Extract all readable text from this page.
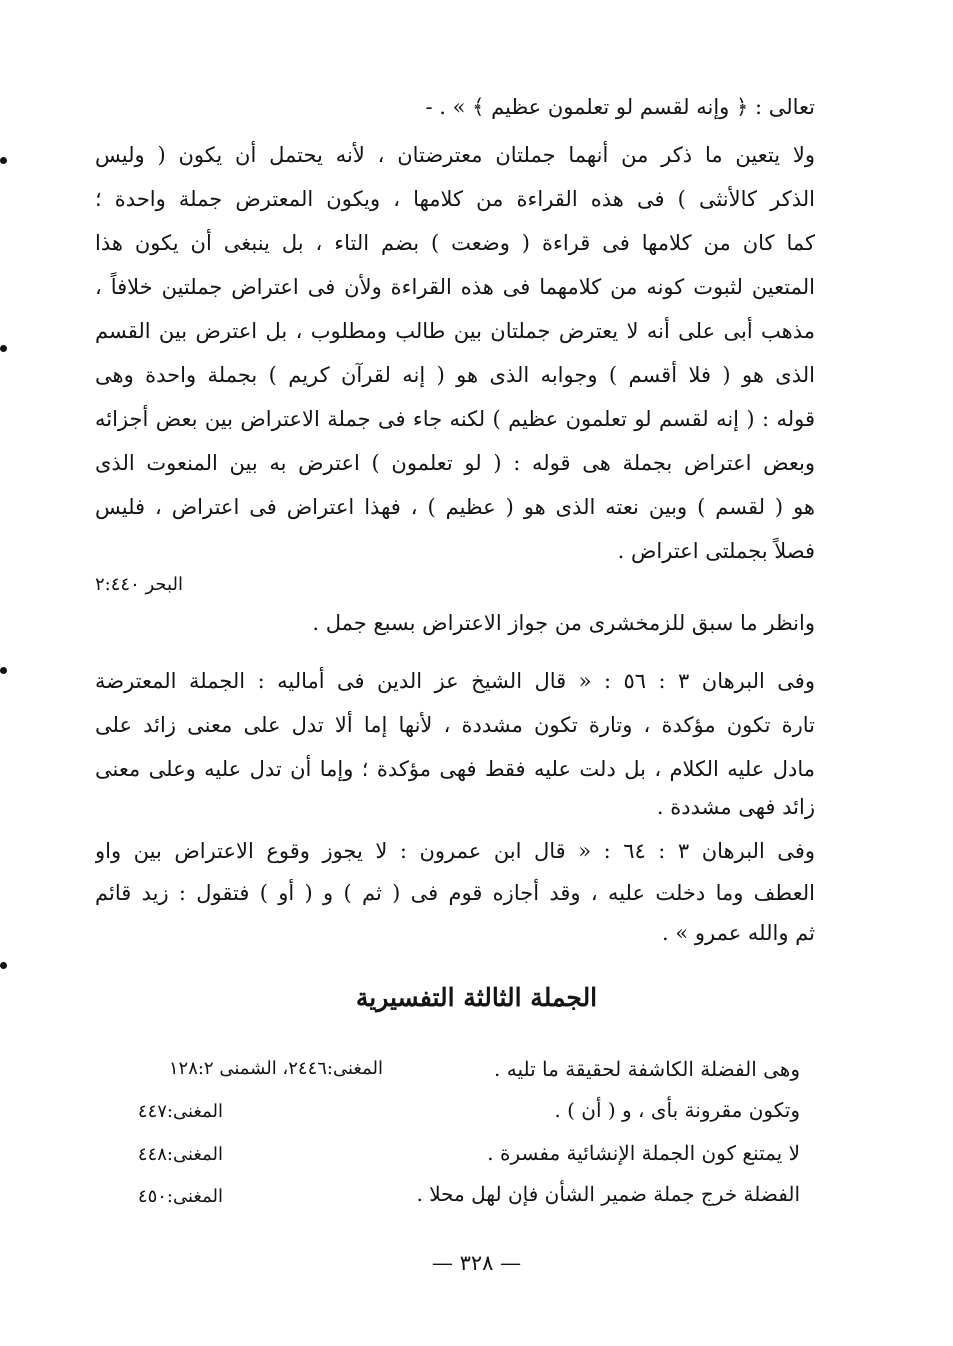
تعالى : ﴿ وإنه لقسم لو تعلمون عظيم ﴾ » . -
ولا يتعين ما ذكر من أنهما جملتان معترضتان ، لأنه يحتمل أن يكون ( وليس
الذكر كالأنثى ) فى هذه القراءة من كلامها ، ويكون المعترض جملة واحدة ؛
كما كان من كلامها فى قراءة ( وضعت ) بضم التاء ، بل ينبغى أن يكون هذا
المتعين لثبوت كونه من كلامهما فى هذه القراءة ولأن فى اعتراض جملتين خلافاً ،
مذهب أبى على أنه لا يعترض جملتان بين طالب ومطلوب ، بل اعترض بين القسم
الذى هو ( فلا أقسم ) وجوابه الذى هو ( إنه لقرآن كريم ) بجملة واحدة وهى
قوله : ( إنه لقسم لو تعلمون عظيم ) لكنه جاء فى جملة الاعتراض بين بعض أجزائه
وبعض اعتراض بجملة هى قوله : ( لو تعلمون ) اعترض به بين المنعوت الذى
هو ( لقسم ) وبين نعته الذى هو ( عظيم ) ، فهذا اعتراض فى اعتراض ، فليس
فصلاً بجملتى اعتراض .
البحر ٢:٤٤٠
وانظر ما سبق للزمخشرى من جواز الاعتراض بسبع جمل .
وفى البرهان ٣ : ٥٦ : « قال الشيخ عز الدين فى أماليه : الجملة المعترضة
تارة تكون مؤكدة ، وتارة تكون مشددة ، لأنها إما ألا تدل على معنى زائد على
مادل عليه الكلام ، بل دلت عليه فقط فهى مؤكدة ؛ وإما أن تدل عليه وعلى معنى
زائد فهى مشددة .
وفى البرهان ٣ : ٦٤ : « قال ابن عمرون : لا يجوز وقوع الاعتراض بين واو
العطف وما دخلت عليه ، وقد أجازه قوم فى ( ثم ) و ( أو ) فتقول : زيد قائم
ثم والله عمرو » .
الجملة الثالثة التفسيرية
وهى الفضلة الكاشفة لحقيقة ما تليه .
المغنى:٢٤٤٦، الشمنى ١٢٨:٢
وتكون مقرونة بأى ، و ( أن ) .
المغنى:٤٤٧
لا يمتنع كون الجملة الإنشائية مفسرة .
المغنى:٤٤٨
الفضلة خرج جملة ضمير الشأن فإن لهل محلا .
المغنى:٤٥٠
— ٣٢٨ —
